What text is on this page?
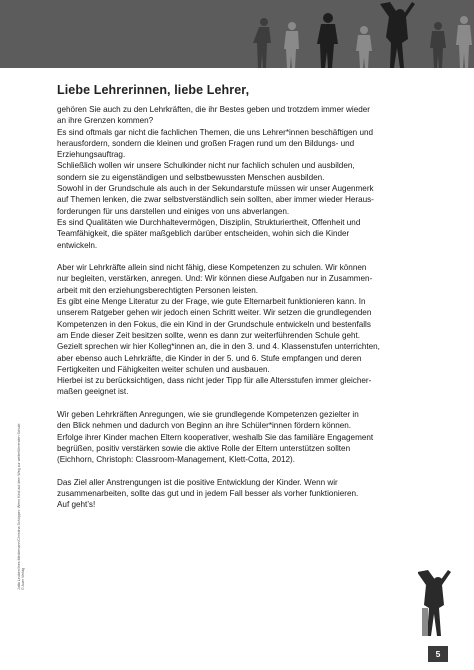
Liebe Lehrerinnen, liebe Lehrer,

gehören Sie auch zu den Lehrkräften, die ihr Bestes geben und trotzdem immer wieder
an ihre Grenzen kommen?
Es sind oftmals gar nicht die fachlichen Themen, die uns Lehrer*innen beschäftigen und
herausfordern, sondern die kleinen und großen Fragen rund um den Bildungs- und
Erziehungsauftrag.
Schließlich wollen wir unsere Schulkinder nicht nur fachlich schulen und ausbilden,
sondern sie zu eigenständigen und selbstbewussten Menschen ausbilden.
Sowohl in der Grundschule als auch in der Sekundarstufe müssen wir unser Augenmerk
auf Themen lenken, die zwar selbstverständlich sein sollten, aber immer wieder Heraus-
forderungen für uns darstellen und einiges von uns abverlangen.
Es sind Qualitäten wie Durchhaltevermögen, Disziplin, Strukturiertheit, Offenheit und
Teamfähigkeit, die später maßgeblich darüber entscheiden, wohin sich die Kinder
entwickeln.

Aber wir Lehrkräfte allein sind nicht fähig, diese Kompetenzen zu schulen. Wir können
nur begleiten, verstärken, anregen. Und: Wir können diese Aufgaben nur in Zusammen-
arbeit mit den erziehungsberechtigten Personen leisten.
Es gibt eine Menge Literatur zu der Frage, wie gute Elternarbeit funktionieren kann. In
unserem Ratgeber gehen wir jedoch einen Schritt weiter. Wir setzen die grundlegenden
Kompetenzen in den Fokus, die ein Kind in der Grundschule entwickeln und bestenfalls
am Ende dieser Zeit besitzen sollte, wenn es dann zur weiterführenden Schule geht.
Gezielt sprechen wir hier Kolleg*innen an, die in den 3. und 4. Klassenstufen unterrichten,
aber ebenso auch Lehrkräfte, die Kinder in der 5. und 6. Stufe empfangen und deren
Fertigkeiten und Fähigkeiten weiter schulen und ausbauen.
Hierbei ist zu berücksichtigen, dass nicht jeder Tipp für alle Altersstufen immer gleicher-
maßen geeignet ist.

Wir geben Lehrkräften Anregungen, wie sie grundlegende Kompetenzen gezielter in
den Blick nehmen und dadurch von Beginn an ihre Schüler*innen fördern können.
Erfolge ihrer Kinder machen Eltern kooperativer, weshalb Sie das familiäre Engagement
begrüßen, positiv verstärken sowie die aktive Rolle der Eltern unterstützen sollten
(Eichhorn, Christoph: Classroom-Management, Klett-Cotta, 2012).

Das Ziel aller Anstrengungen ist die positive Entwicklung der Kinder. Wenn wir
zusammenarbeiten, sollte das gut und in jedem Fall besser als vorher funktionieren.
Auf geht’s!

Jutta Leuben/Ines Mindemann/Christina Schöpper: Wenn Kind auf dem Weg zur weiterführenden Schule © Auer Verlag
5
